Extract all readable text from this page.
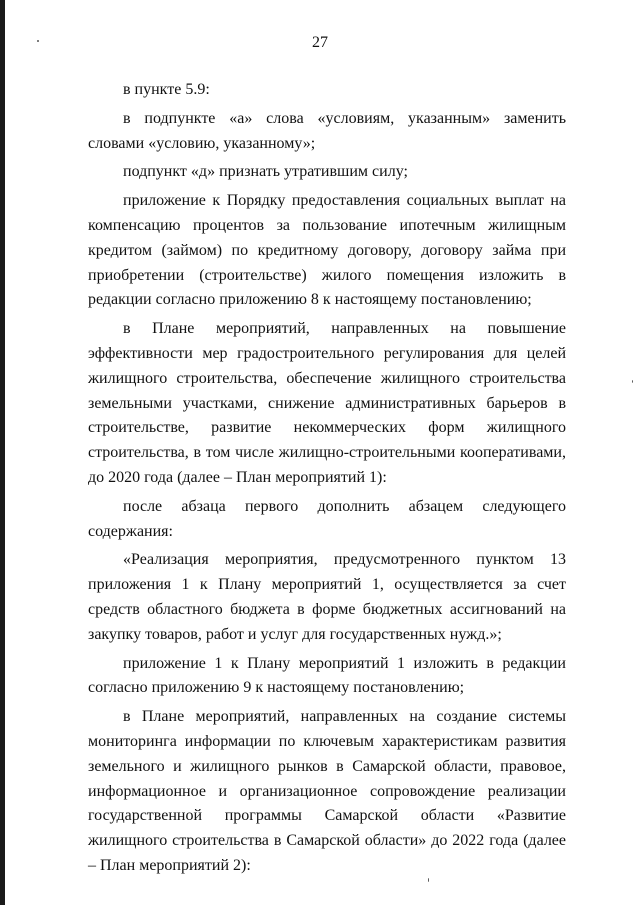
27

в пункте 5.9:

в подпункте «а» слова «условиям, указанным» заменить словами «условию, указанному»;

подпункт «д» признать утратившим силу;

приложение к Порядку предоставления социальных выплат на компенсацию процентов за пользование ипотечным жилищным кредитом (займом) по кредитному договору, договору займа при приобретении (строительстве) жилого помещения изложить в редакции согласно приложению 8 к настоящему постановлению;

в Плане мероприятий, направленных на повышение эффективности мер градостроительного регулирования для целей жилищного строительства, обеспечение жилищного строительства земельными участками, снижение административных барьеров в строительстве, развитие некоммерческих форм жилищного строительства, в том числе жилищно-строительными кооперативами, до 2020 года (далее – План мероприятий 1):

после абзаца первого дополнить абзацем следующего содержания:

«Реализация мероприятия, предусмотренного пунктом 13 приложения 1 к Плану мероприятий 1, осуществляется за счет средств областного бюджета в форме бюджетных ассигнований на закупку товаров, работ и услуг для государственных нужд.»;

приложение 1 к Плану мероприятий 1 изложить в редакции согласно приложению 9 к настоящему постановлению;

в Плане мероприятий, направленных на создание системы мониторинга информации по ключевым характеристикам развития земельного и жилищного рынков в Самарской области, правовое, информационное и организационное сопровождение реализации государственной программы Самарской области «Развитие жилищного строительства в Самарской области» до 2022 года (далее – План мероприятий 2):
